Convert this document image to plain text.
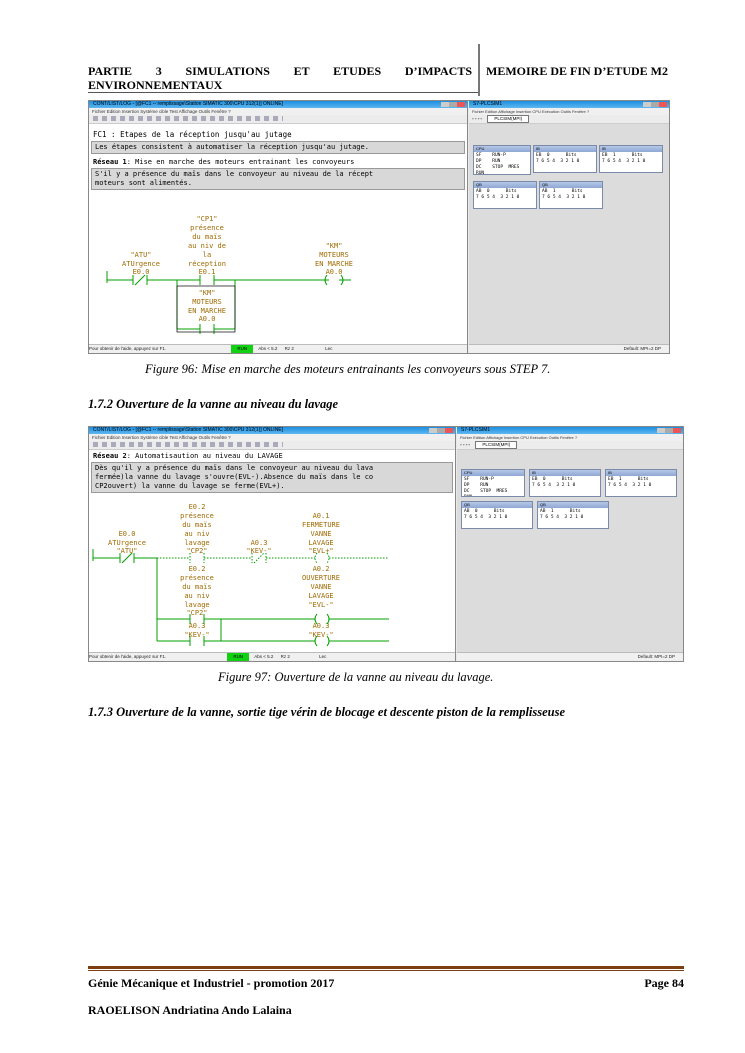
PARTIE 3 SIMULATIONS ET ETUDES D’IMPACTS
ENVIRONNEMENTAUX
MEMOIRE DE FIN D’ETUDE M2
CONT/LIST/LOG - [@FC1 -- remplissage\Station SIMATIC 300\CPU 312(1)] ONLINE]
Fichier Edition Insertion Système cible Test Affichage Outils Fenêtre ?
FC1 : Etapes de la réception jusqu'au jutage
Les étapes consistent à automatiser la réception jusqu'au jutage.
Réseau 1: Mise en marche des moteurs entrainant les convoyeurs
S'il y a présence du maïs dans le convoyeur au niveau de la récept
moteurs sont alimentés.
"CP1"
présence
du maïs
au niv de
la
réception
E0.1
"ATU"
ATUrgence
E0.0
"KM"
MOTEURS
EN MARCHE
A0.0
"KM"
MOTEURS
EN MARCHE
A0.0
Pour obtenir de l'aide, appuyez sur F1.	RUN Abs < 5.2 Rz 2	Lec
S7-PLCSIM1
Fichier Edition Affichage Insertion CPU Exécution Outils Fenêtre ?
▫ ▫ ▫ ▫	PLCSIM(MPI)
CPU
SF    RUN-P
DP    RUN
DC    STOP  MRES
RUN

IB
EB  0      Bits
7 6 5 4  3 2 1 0
IB
EB  1      Bits
7 6 5 4  3 2 1 0
QB
AB  0      Bits
7 6 5 4  3 2 1 0
QB
AB  1      Bits
7 6 5 4  3 2 1 0
Default: MPI=2 DP
Figure 96: Mise en marche des moteurs entrainants les convoyeurs sous STEP 7.
1.7.2 Ouverture de la vanne au niveau du lavage
CONT/LIST/LOG - [@FC1 -- remplissage\Station SIMATIC 300\CPU 312(1)] ONLINE]
Fichier Edition Insertion Système cible Test Affichage Outils Fenêtre ?
Réseau 2: Automatisaution au niveau du LAVAGE
Dès qu'il y a présence du maïs dans le convoyeur au niveau du lava
fermée)la vanne du lavage s'ouvre(EVL-).Absence du maïs dans le co
CP2ouvert) la vanne du lavage se ferme(EVL+).
E0.2
présence
du maïs
au niv
lavage
"CP2"
E0.0
ATUrgence
"ATU"
A0.3
"KEV-"
A0.1
FERMETURE
VANNE
LAVAGE
"EVL+"
E0.2
présence
du maïs
au niv
lavage
"CP2"
A0.2
OUVERTURE
VANNE
LAVAGE
"EVL-"
A0.3
"KEV-"
A0.3
"KEV-"
Pour obtenir de l'aide, appuyez sur F1.	RUN Abs < 5.2 Rz 2	Lec
S7-PLCSIM1
Fichier Edition Affichage Insertion CPU Exécution Outils Fenêtre ?
▫ ▫ ▫ ▫	PLCSIM(MPI)
CPU
SF    RUN-P
DP    RUN
DC    STOP  MRES

IB
EB  0      Bits
7 6 5 4  3 2 1 0
IB
EB  1      Bits
7 6 5 4  3 2 1 0
QB
AB  0      Bits
7 6 5 4  3 2 1 0
QB
AB  1      Bits
7 6 5 4  3 2 1 0
Default: MPI=2 DP
Figure 97: Ouverture de la vanne au niveau du lavage.
1.7.3 Ouverture de la vanne, sortie tige vérin de blocage et descente piston de la remplisseuse
Génie Mécanique et Industriel - promotion 2017	Page 84
RAOELISON Andriatina Ando Lalaina
